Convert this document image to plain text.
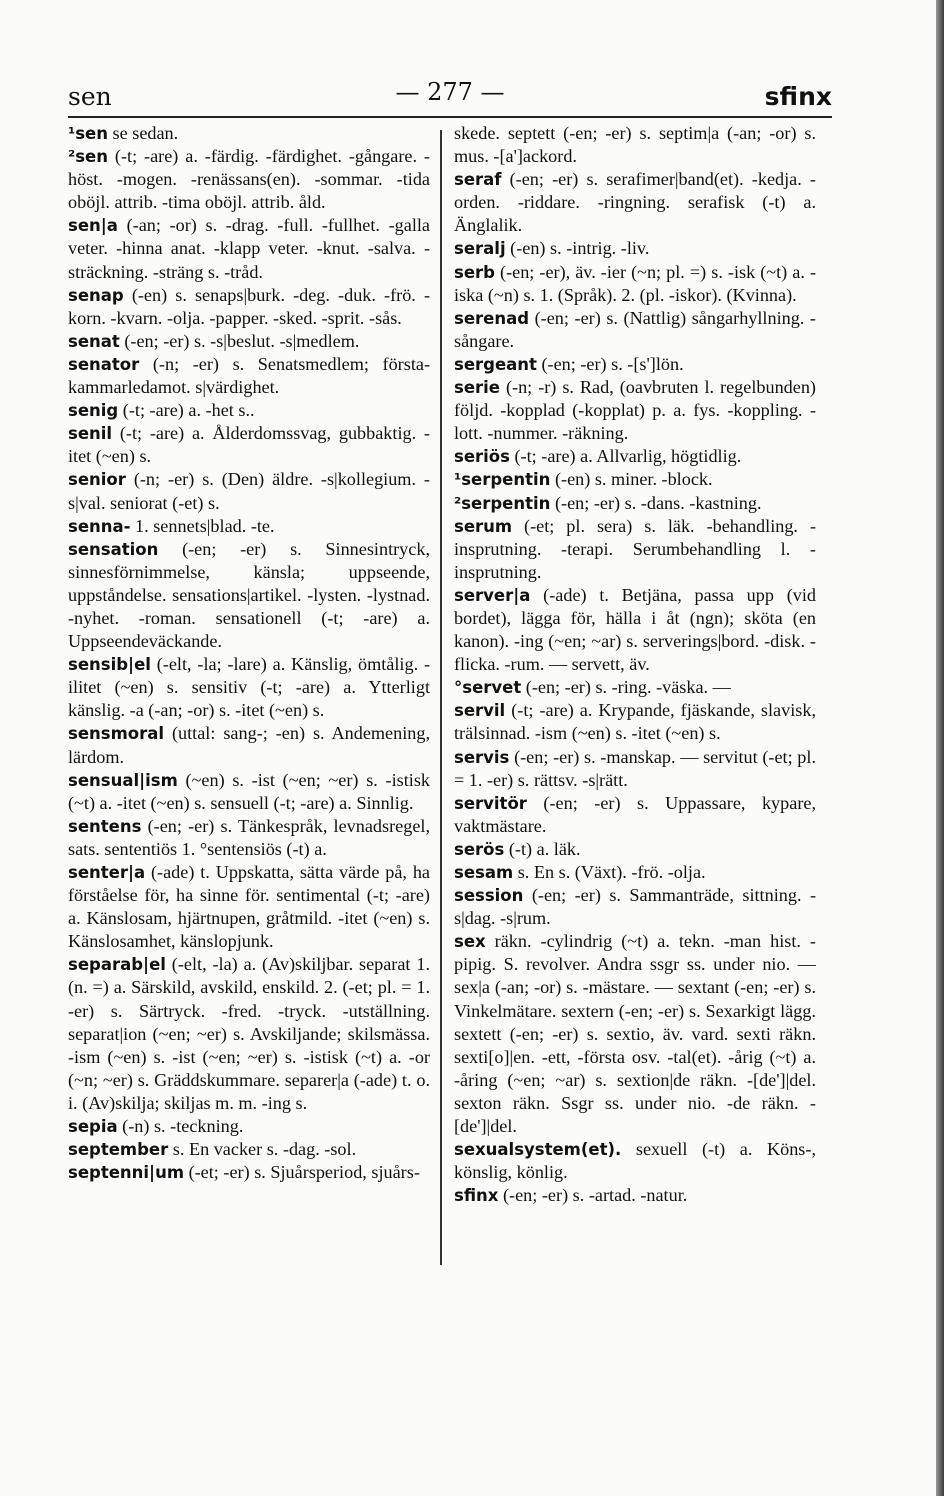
sen	— 277 —	sfinx

¹sen se sedan.

²sen (-t; -are) a. -färdig. -färdighet. -gångare. -höst. -mogen. -renässans(en). -sommar. -tida oböjl. attrib. -tima oböjl. attrib. åld.

sen|a (-an; -or) s. -drag. -full. -fullhet. -galla veter. -hinna anat. -klapp veter. -knut. -salva. -sträckning. -sträng s. -tråd.

senap (-en) s. senaps|burk. -deg. -duk. -frö. -korn. -kvarn. -olja. -papper. -sked. -sprit. -sås.

senat (-en; -er) s. -s|beslut. -s|medlem.

senator (-n; -er) s. Senatsmedlem; första-kammarledamot. s|värdighet.

senig (-t; -are) a. -het s..

senil (-t; -are) a. Ålderdomssvag, gubbaktig. -itet (~en) s.

senior (-n; -er) s. (Den) äldre. -s|kollegium. -s|val. seniorat (-et) s.

senna- 1. sennets|blad. -te.

sensation (-en; -er) s. Sinnesintryck, sinnesförnimmelse, känsla; uppseende, uppståndelse. sensations|artikel. -lysten. -lystnad. -nyhet. -roman. sensationell (-t; -are) a. Uppseendeväckande.

sensib|el (-elt, -la; -lare) a. Känslig, ömtålig. -ilitet (~en) s. sensitiv (-t; -are) a. Ytterligt känslig. -a (-an; -or) s. -itet (~en) s.

sensmoral (uttal: sang-; -en) s. Andemening, lärdom.

sensual|ism (~en) s. -ist (~en; ~er) s. -istisk (~t) a. -itet (~en) s. sensuell (-t; -are) a. Sinnlig.

sentens (-en; -er) s. Tänkespråk, levnadsregel, sats. sententiös 1. °sentensiös (-t) a.

senter|a (-ade) t. Uppskatta, sätta värde på, ha förståelse för, ha sinne för. sentimental (-t; -are) a. Känslosam, hjärtnupen, gråtmild. -itet (~en) s. Känslosamhet, känslopjunk.

separab|el (-elt, -la) a. (Av)skiljbar. separat 1. (n. =) a. Särskild, avskild, enskild. 2. (-et; pl. = 1. -er) s. Särtryck. -fred. -tryck. -utställning. separat|ion (~en; ~er) s. Avskiljande; skilsmässa. -ism (~en) s. -ist (~en; ~er) s. -istisk (~t) a. -or (~n; ~er) s. Gräddskummare. separer|a (-ade) t. o. i. (Av)skilja; skiljas m. m. -ing s.

sepia (-n) s. -teckning.

september s. En vacker s. -dag. -sol.

septenni|um (-et; -er) s. Sjuårsperiod, sjuårs-

skede. septett (-en; -er) s. septim|a (-an; -or) s. mus. -[a']ackord.

seraf (-en; -er) s. serafimer|band(et). -kedja. -orden. -riddare. -ringning. serafisk (-t) a. Änglalik.

seralj (-en) s. -intrig. -liv.

serb (-en; -er), äv. -ier (~n; pl. =) s. -isk (~t) a. -iska (~n) s. 1. (Språk). 2. (pl. -iskor). (Kvinna).

serenad (-en; -er) s. (Nattlig) sångarhyllning. -sångare.

sergeant (-en; -er) s. -[s']lön.

serie (-n; -r) s. Rad, (oavbruten l. regelbunden) följd. -kopplad (-kopplat) p. a. fys. -koppling. -lott. -nummer. -räkning.

seriös (-t; -are) a. Allvarlig, högtidlig.

¹serpentin (-en) s. miner. -block.

²serpentin (-en; -er) s. -dans. -kastning.

serum (-et; pl. sera) s. läk. -behandling. -insprutning. -terapi. Serumbehandling l. -insprutning.

server|a (-ade) t. Betjäna, passa upp (vid bordet), lägga för, hälla i åt (ngn); sköta (en kanon). -ing (~en; ~ar) s. serverings|bord. -disk. -flicka. -rum. — servett, äv.

°servet (-en; -er) s. -ring. -väska. —

servil (-t; -are) a. Krypande, fjäskande, slavisk, trälsinnad. -ism (~en) s. -itet (~en) s.

servis (-en; -er) s. -manskap. — servitut (-et; pl. = 1. -er) s. rättsv. -s|rätt.

servitör (-en; -er) s. Uppassare, kypare, vaktmästare.

serös (-t) a. läk.

sesam s. En s. (Växt). -frö. -olja.

session (-en; -er) s. Sammanträde, sittning. -s|dag. -s|rum.

sex räkn. -cylindrig (~t) a. tekn. -man hist. -pipig. S. revolver. Andra ssgr ss. under nio. — sex|a (-an; -or) s. -mästare. — sextant (-en; -er) s. Vinkelmätare. sextern (-en; -er) s. Sexarkigt lägg. sextett (-en; -er) s. sextio, äv. vard. sexti räkn. sexti[o]|en. -ett, -första osv. -tal(et). -årig (~t) a. -åring (~en; ~ar) s. sextion|de räkn. -[de']|del. sexton räkn. Ssgr ss. under nio. -de räkn. -[de']|del.

sexualsystem(et). sexuell (-t) a. Köns-, könslig, könlig.

sfinx (-en; -er) s. -artad. -natur.
